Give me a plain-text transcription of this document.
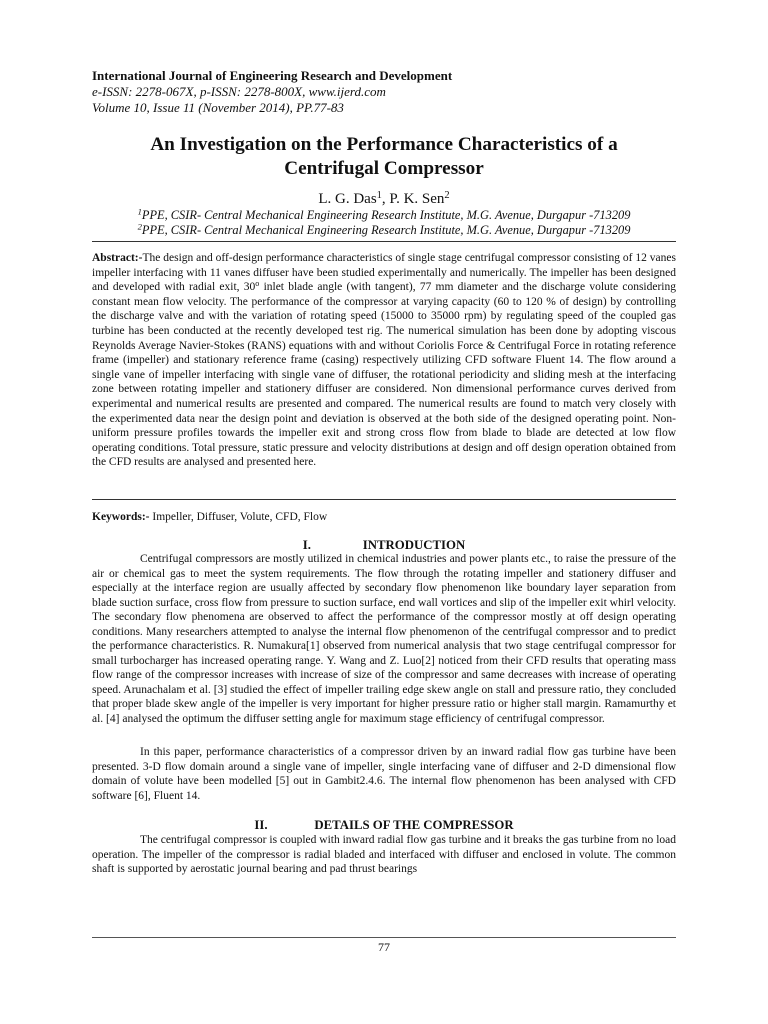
International Journal of Engineering Research and Development
e-ISSN: 2278-067X, p-ISSN: 2278-800X, www.ijerd.com
Volume 10, Issue 11 (November 2014), PP.77-83
An Investigation on the Performance Characteristics of a
Centrifugal Compressor
L. G. Das$^1$, P. K. Sen$^2$
$^1$PPE, CSIR- Central Mechanical Engineering Research Institute, M.G. Avenue, Durgapur -713209
$^2$PPE, CSIR- Central Mechanical Engineering Research Institute, M.G. Avenue, Durgapur -713209
Abstract:-The design and off-design performance characteristics of single stage centrifugal compressor consisting of 12 vanes impeller interfacing with 11 vanes diffuser have been studied experimentally and numerically. The impeller has been designed and developed with radial exit, 30$^o$ inlet blade angle (with tangent), 77 mm diameter and the discharge volute considering constant mean flow velocity. The performance of the compressor at varying capacity (60 to 120 % of design) by controlling the discharge valve and with the variation of rotating speed (15000 to 35000 rpm) by regulating speed of the coupled gas turbine has been conducted at the recently developed test rig. The numerical simulation has been done by adopting viscous Reynolds Average Navier-Stokes (RANS) equations with and without Coriolis Force & Centrifugal Force in rotating reference frame (impeller) and stationary reference frame (casing) respectively utilizing CFD software Fluent 14. The flow around a single vane of impeller interfacing with single vane of diffuser, the rotational periodicity and sliding mesh at the interfacing zone between rotating impeller and stationery diffuser are considered. Non dimensional performance curves derived from experimental and numerical results are presented and compared. The numerical results are found to match very closely with the experimented data near the design point and deviation is observed at the both side of the designed operating point. Non-uniform pressure profiles towards the impeller exit and strong cross flow from blade to blade are detected at low flow operating conditions. Total pressure, static pressure and velocity distributions at design and off design operation obtained from the CFD results are analysed and presented here.
Keywords:- Impeller, Diffuser, Volute, CFD, Flow
I.	INTRODUCTION
Centrifugal compressors are mostly utilized in chemical industries and power plants etc., to raise the pressure of the air or chemical gas to meet the system requirements. The flow through the rotating impeller and stationery diffuser and especially at the interface region are usually affected by secondary flow phenomenon like boundary layer separation from blade suction surface, cross flow from pressure to suction surface, end wall vortices and slip of the impeller exit whirl velocity. The secondary flow phenomena are observed to affect the performance of the compressor mostly at off design operating conditions. Many researchers attempted to analyse the internal flow phenomenon of the centrifugal compressor and to predict the performance characteristics. R. Numakura[1] observed from numerical analysis that two stage centrifugal compressor for small turbocharger has increased operating range. Y. Wang and Z. Luo[2] noticed from their CFD results that operating mass flow range of the compressor increases with increase of size of the compressor and same decreases with increase of operating speed. Arunachalam et al. [3] studied the effect of impeller trailing edge skew angle on stall and pressure ratio, they concluded that proper blade skew angle of the impeller is very important for higher pressure ratio or higher stall margin. Ramamurthy et al. [4] analysed the optimum the diffuser setting angle for maximum stage efficiency of centrifugal compressor.
In this paper, performance characteristics of a compressor driven by an inward radial flow gas turbine have been presented. 3-D flow domain around a single vane of impeller, single interfacing vane of diffuser and 2-D dimensional flow domain of volute have been modelled [5] out in Gambit2.4.6. The internal flow phenomenon has been analysed with CFD software [6], Fluent 14.
II.	DETAILS OF THE COMPRESSOR
The centrifugal compressor is coupled with inward radial flow gas turbine and it breaks the gas turbine from no load operation. The impeller of the compressor is radial bladed and interfaced with diffuser and enclosed in volute. The common shaft is supported by aerostatic journal bearing and pad thrust bearings
77
